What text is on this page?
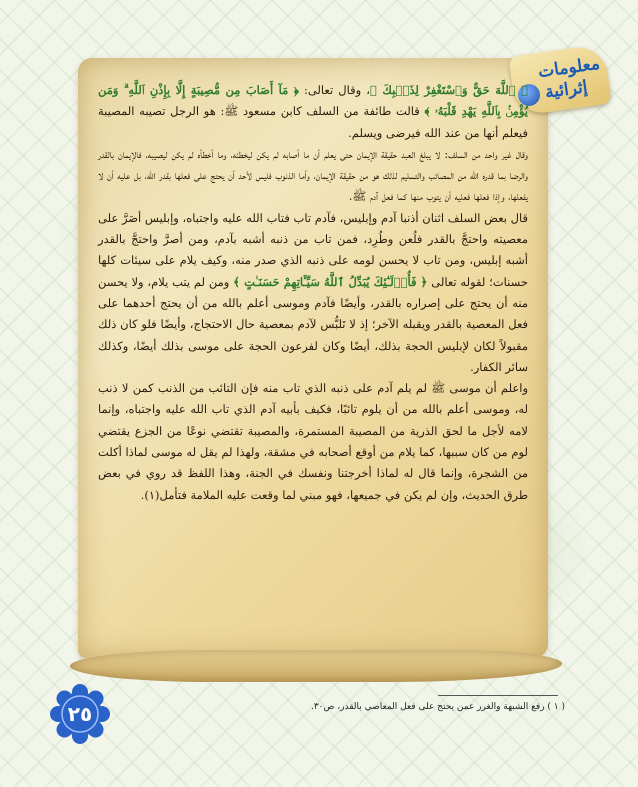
معلومات
إثرائية

﴿ ٱللَّهَ حَقٌّ وَٱسْتَغْفِرْ لِذَنۢبِكَ ﴾، وقال تعالى: ﴿ مَآ أَصَابَ مِن مُّصِيبَةٍ إِلَّا بِإِذْنِ ٱللَّهِ ۗ وَمَن يُؤْمِنۢ بِٱللَّهِ يَهْدِ قَلْبَهُۥ ﴾ قالت طائفة من السلف كابن مسعود ﷺ: هو الرجل تصيبه المصيبة فيعلم أنها من عند الله فيرضى ويسلم.

وقال غير واحد من السلف: لا يبلغ العبد حقيقة الإيمان حتى يعلم أن ما أصابه لم يكن ليخطئه، وما أخطأه لم يكن ليصيبه، فالإيمان بالقدر والرضا بما قدره الله من المصائب والتسليم لذلك هو من حقيقة الإيمان، وأما الذنوب فليس لأحد أن يحتج على فعلها بقدر الله، بل عليه أن لا يفعلها، وإذا فعلها فعليه أن يتوب منها كما فعل آدم ﷺ.

قال بعض السلف اثنان أذنبا آدم وإبليس، فآدم تاب فتاب الله عليه واجتباه، وإبليس أصَرَّ على معصيته واحتجَّ بالقدر فلُعن وطُرِد، فمن تاب من ذنبه أشبه بآدم، ومن أصرَّ واحتجَّ بالقدر أشبه إبليس، ومن تاب لا يحسن لومه على ذنبه الذي صدر منه، وكيف يلام على سيئات كلها حسنات؛ لقوله تعالى ﴿ فَأُو۟لَـٰٓئِكَ يُبَدِّلُ ٱللَّهُ سَيِّـَٔاتِهِمْ حَسَنَـٰتٍ ﴾ ومن لم يتب يلام، ولا يحسن منه أن يحتج على إصراره بالقدر، وأيضًا فآدم وموسى أعلم بالله من أن يحتج أحدهما على فعل المعصية بالقدر ويقبله الآخر؛ إذ لا تَلبُّس لآدم بمعصية حال الاحتجاج، وأيضًا فلو كان ذلك مقبولاً لكان لإبليس الحجة بذلك، أيضًا وكان لفرعون الحجة على موسى بذلك أيضًا، وكذلك سائر الكفار.

واعلم أن موسى ﷺ لم يلم آدم على ذنبه الذي تاب منه فإن التائب من الذنب كمن لا ذنب له، وموسى أعلم بالله من أن يلوم تائبًا، فكيف بأبيه آدم الذي تاب الله عليه واجتباه، وإنما لامه لأجل ما لحق الذرية من المصيبة المستمرة، والمصيبة تقتضي نوعًا من الجزع يقتضي لوم من كان سببها، كما يلام من أوقع أصحابه في مشقة، ولهذا لم يقل له موسى لماذا أكلت من الشجرة، وإنما قال له لماذا أخرجتنا ونفسك في الجنة، وهذا اللفظ قد روي في بعض طرق الحديث، وإن لم يكن في جميعها، فهو مبني لما وقعت عليه الملامة فتأمل(١).

( ١ ) رفع الشبهة والغرر عمن يحتج على فعل المعاصي بالقدر، ص٣٠.
٢٥
